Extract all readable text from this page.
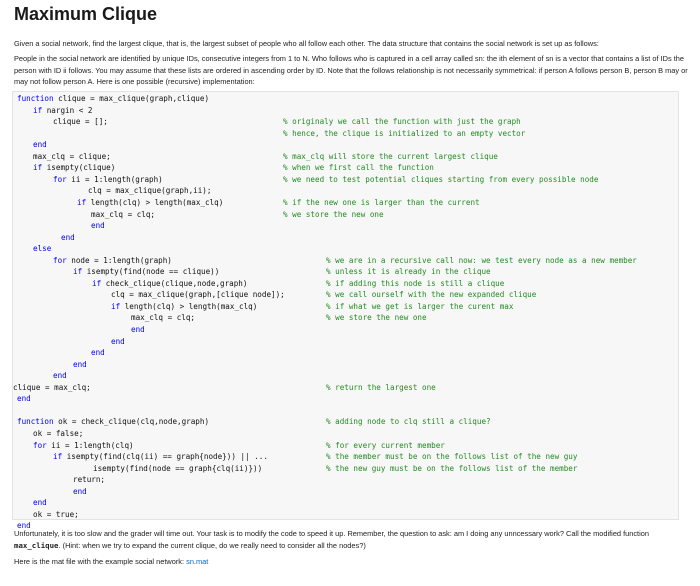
Maximum Clique

Given a social network, find the largest clique, that is, the largest subset of people who all follow each other. The data structure that contains the social network is set up as follows:

People in the social network are identified by unique IDs, consecutive integers from 1 to N. Who follows who is captured in a cell array called sn: the ith element of sn is a vector that contains a list of IDs the person with ID ii follows. You may assume that these lists are ordered in ascending order by ID. Note that the follows relationship is not necessarily symmetrical: if person A follows person B, person B may or may not follow person A. Here is one possible (recursive) implementation:

function clique = max_clique(graph,clique)
if nargin < 2
clique = [];	% originaly we call the function with just the graph
% hence, the clique is initialized to an empty vector
end
max_clq = clique;	% max_clq will store the current largest clique
if isempty(clique)	% when we first call the function
for ii = 1:length(graph)	% we need to test potential cliques starting from every possible node
clq = max_clique(graph,ii);
if length(clq) > length(max_clq)	% if the new one is larger than the current
max_clq = clq;	% we store the new one
end
end
else
for node = 1:length(graph)	% we are in a recursive call now: we test every node as a new member
if isempty(find(node == clique))	% unless it is already in the clique
if check_clique(clique,node,graph)	% if adding this node is still a clique
clq = max_clique(graph,[clique node]);	% we call ourself with the new expanded clique
if length(clq) > length(max_clq)	% if what we get is larger the curent max
max_clq = clq;	% we store the new one
end
end
end
end
end
clique = max_clq;	% return the largest one
end
function ok = check_clique(clq,node,graph)	% adding node to clq still a clique?
ok = false;
for ii = 1:length(clq)	% for every current member
if isempty(find(clq(ii) == graph{node})) || ...	% the member must be on the follows list of the new guy
isempty(find(node == graph{clq(ii)}))	% the new guy must be on the follows list of the member
return;
end
end
ok = true;
end

Unfortunately, it is too slow and the grader will time out. Your task is to modify the code to speed it up. Remember, the question to ask: am I doing any unncessary work? Call the modified function max_clique. (Hint: when we try to expand the current clique, do we really need to consider all the nodes?)

Here is the mat file with the example social network: sn.mat
